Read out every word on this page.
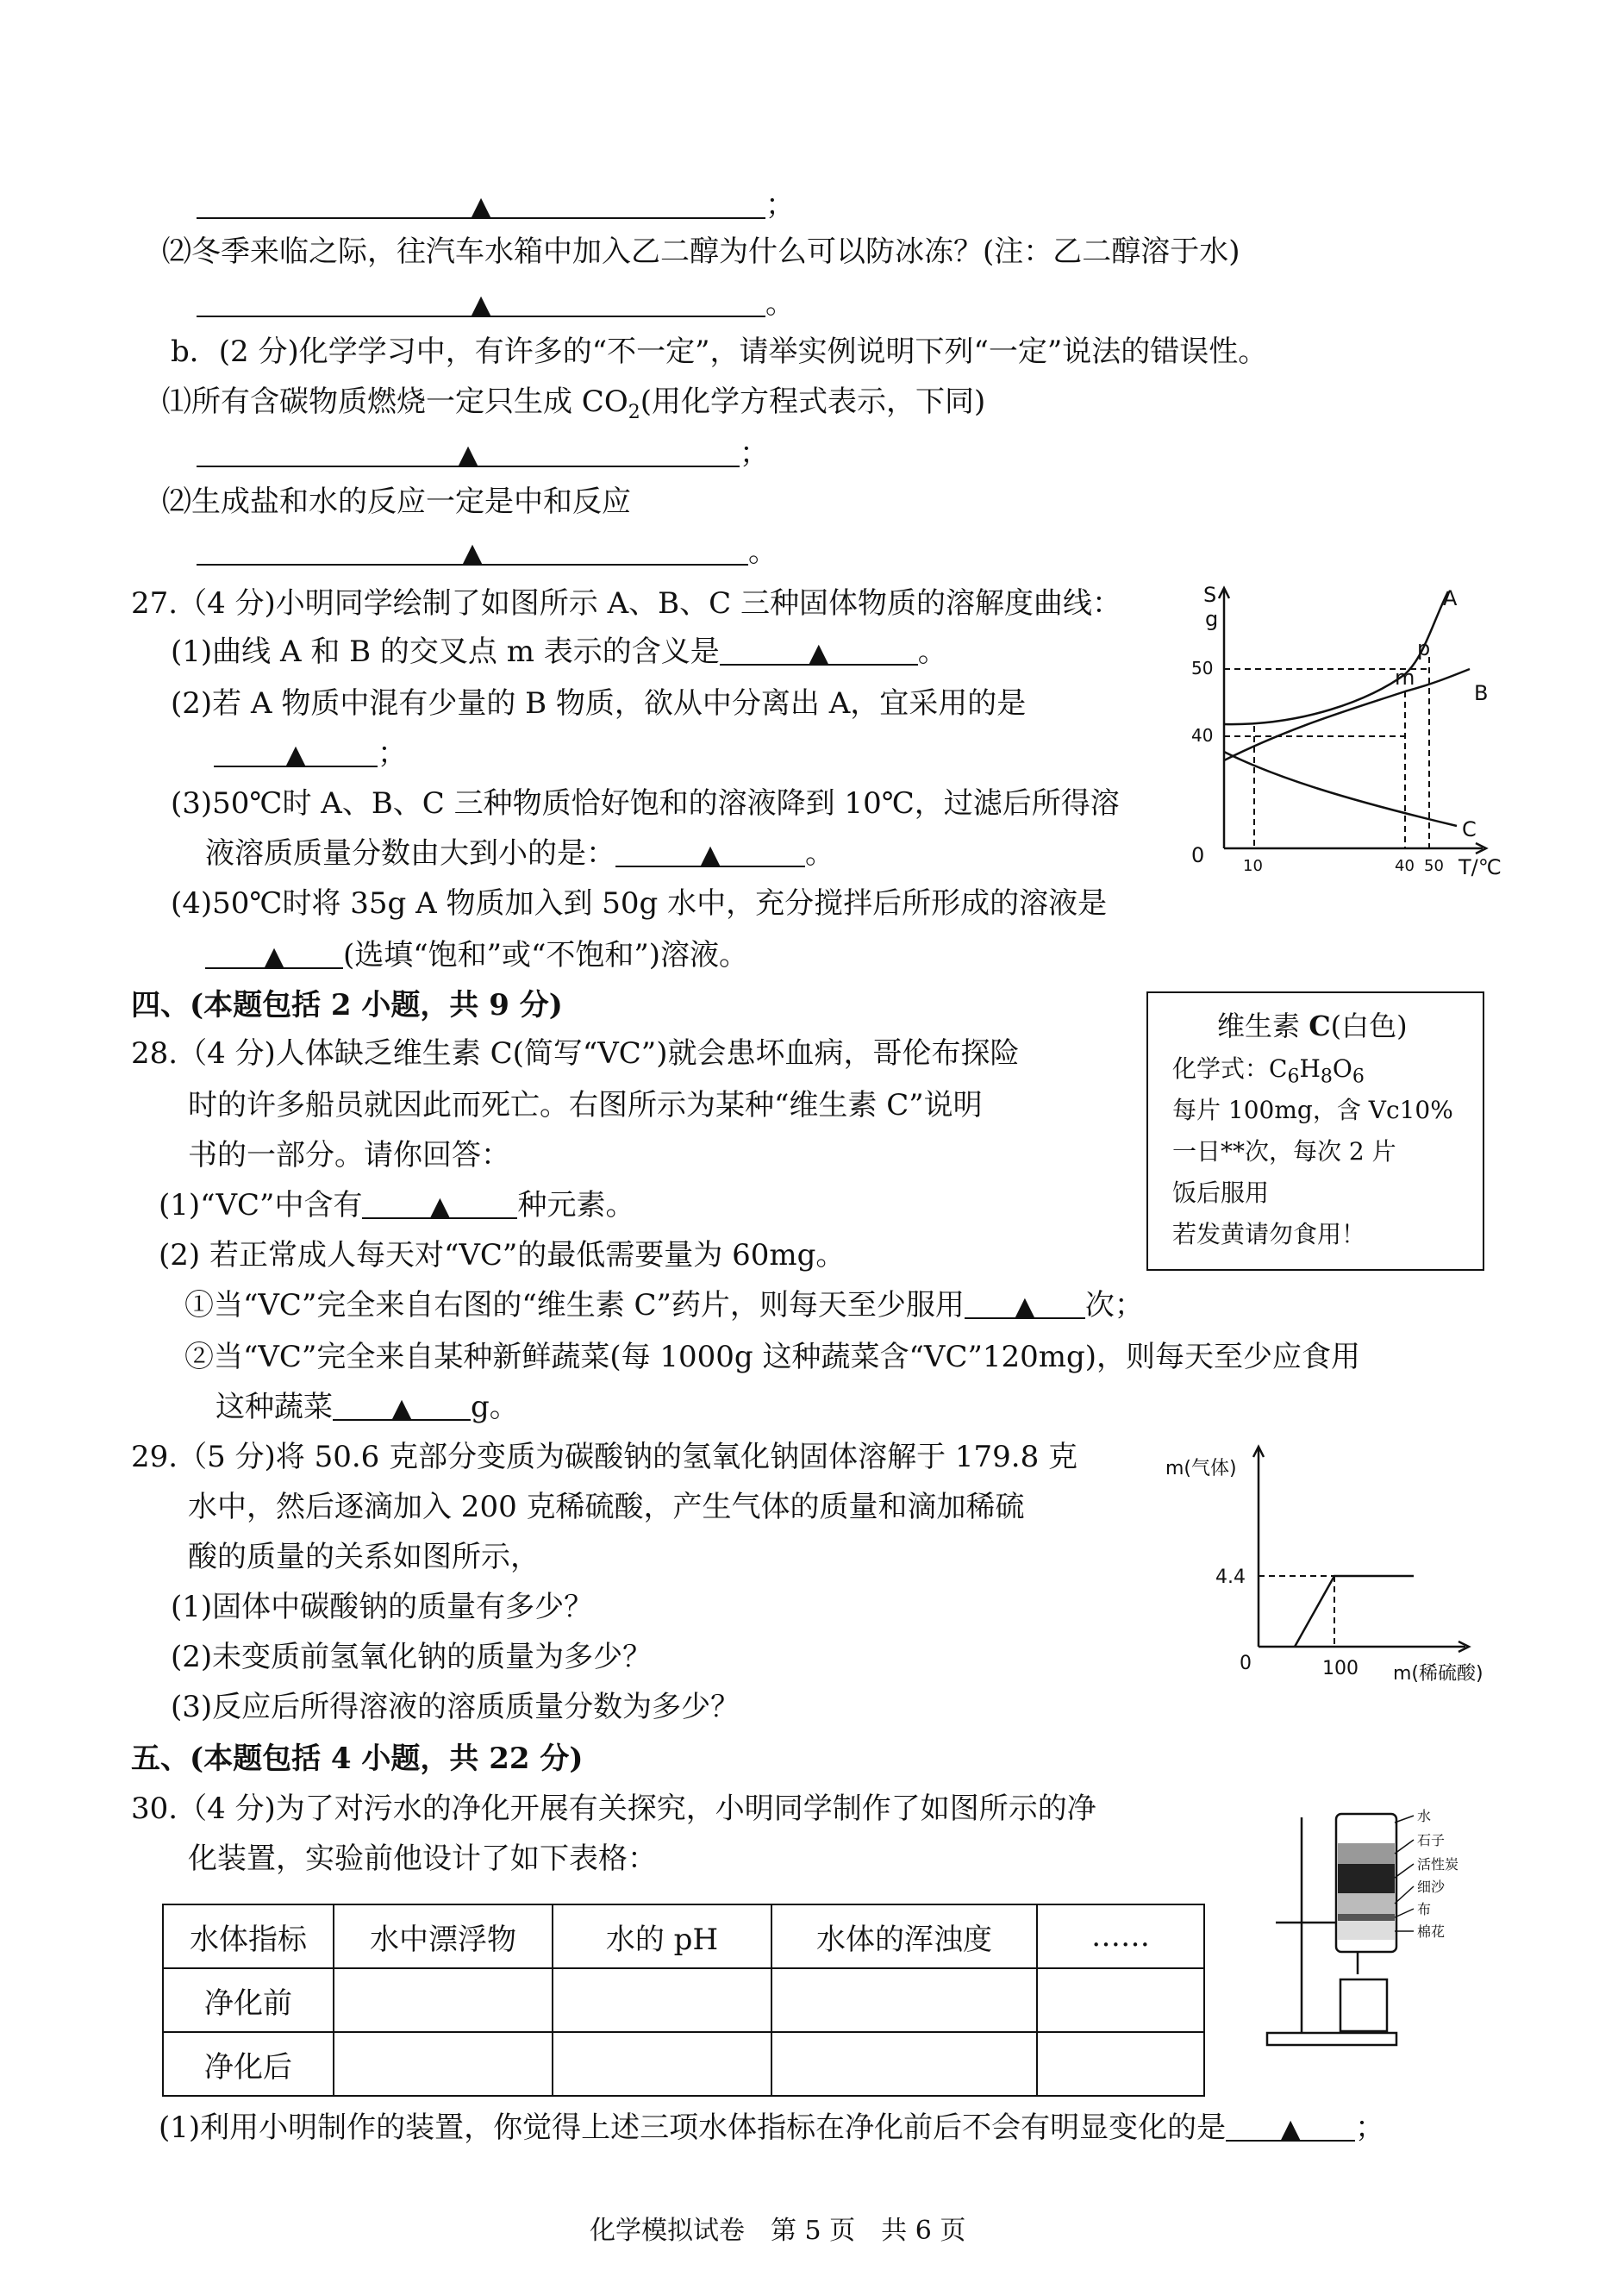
▲	；
⑵冬季来临之际，往汽车水箱中加入乙二醇为什么可以防冰冻？(注：乙二醇溶于水)
▲	。
b．(2 分)化学学习中，有许多的“不一定”，请举实例说明下列“一定”说法的错误性。
⑴所有含碳物质燃烧一定只生成 $CO_2$(用化学方程式表示，下同)
▲	；
⑵生成盐和水的反应一定是中和反应
▲	。
27.（4 分)小明同学绘制了如图所示 A、B、C 三种固体物质的溶解度曲线：
(1)曲线 A 和 B 的交叉点 m 表示的含义是	▲	。
(2)若 A 物质中混有少量的 B 物质，欲从中分离出 A，宜采用的是
▲ ；
(3)50℃时 A、B、C 三种物质恰好饱和的溶液降到 10℃，过滤后所得溶
液溶质质量分数由大到小的是：	▲	。
(4)50℃时将 35g A 物质加入到 50g 水中，充分搅拌后所形成的溶液是
▲ (选填“饱和”或“不饱和”)溶液。
S
g
50
40
0 10	40 50 T/℃
A
B
C
p
m
四、(本题包括 2 小题，共 9 分)
维生素 C(白色)
化学式：$C_6H_8O_6$
每片 100mg，含 Vc10%
一日**次，每次 2 片
饭后服用
若发黄请勿食用！
28.（4 分)人体缺乏维生素 C(简写“VC”)就会患坏血病，哥伦布探险
时的许多船员就因此而死亡。右图所示为某种“维生素 C”说明
书的一部分。请你回答：
(1)“VC”中含有	▲ 种元素。
(2) 若正常成人每天对“VC”的最低需要量为 60mg。
①当“VC”完全来自右图的“维生素 C”药片，则每天至少服用 ▲ 次；
②当“VC”完全来自某种新鲜蔬菜(每 1000g 这种蔬菜含“VC”120mg)，则每天至少应食用
这种蔬菜 ▲ g。
29.（5 分)将 50.6 克部分变质为碳酸钠的氢氧化钠固体溶解于 179.8 克
水中，然后逐滴加入 200 克稀硫酸，产生气体的质量和滴加稀硫
酸的质量的关系如图所示，
(1)固体中碳酸钠的质量有多少？
(2)未变质前氢氧化钠的质量为多少？
(3)反应后所得溶液的溶质质量分数为多少？
m(气体)
4.4
0	100 m(稀硫酸)
五、(本题包括 4 小题，共 22 分)
30.（4 分)为了对污水的净化开展有关探究，小明同学制作了如图所示的净
化装置，实验前他设计了如下表格：
水体指标	水中漂浮物	水的 pH	水体的浑浊度	……
净化前				
净化后				
水
石子
活性炭
细沙
布
棉花
(1)利用小明制作的装置，你觉得上述三项水体指标在净化前后不会有明显变化的是 ▲ ；
化学模拟试卷　第 5 页　共 6 页
